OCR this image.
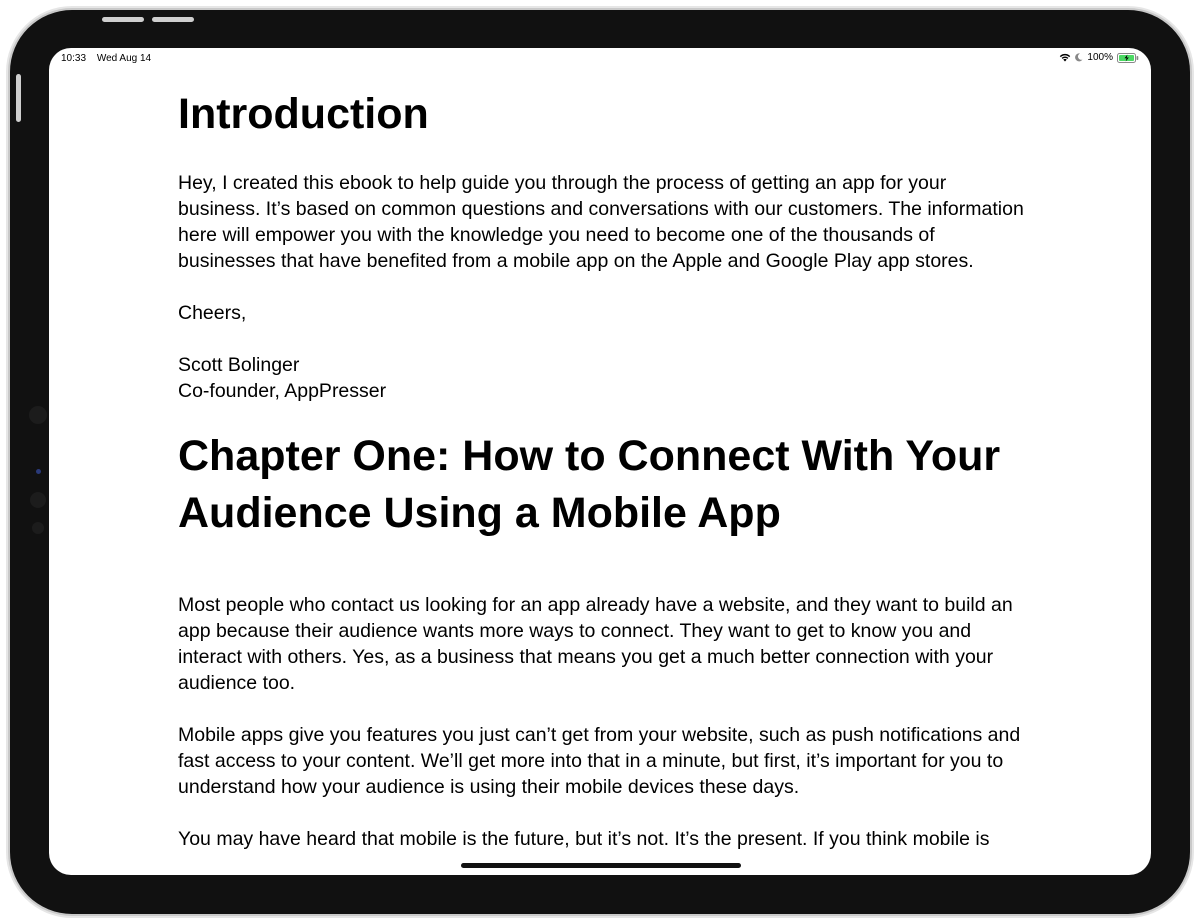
10:33 Wed Aug 14	100%
Introduction
Hey, I created this ebook to help guide you through the process of getting an app for your business. It’s based on common questions and conversations with our customers. The information here will empower you with the knowledge you need to become one of the thousands of businesses that have benefited from a mobile app on the Apple and Google Play app stores.
Cheers,
Scott Bolinger
Co-founder, AppPresser
Chapter One: How to Connect With Your Audience Using a Mobile App
Most people who contact us looking for an app already have a website, and they want to build an app because their audience wants more ways to connect. They want to get to know you and interact with others. Yes, as a business that means you get a much better connection with your audience too.
Mobile apps give you features you just can’t get from your website, such as push notifications and fast access to your content. We’ll get more into that in a minute, but first, it’s important for you to understand how your audience is using their mobile devices these days.
You may have heard that mobile is the future, but it’s not. It’s the present. If you think mobile is
